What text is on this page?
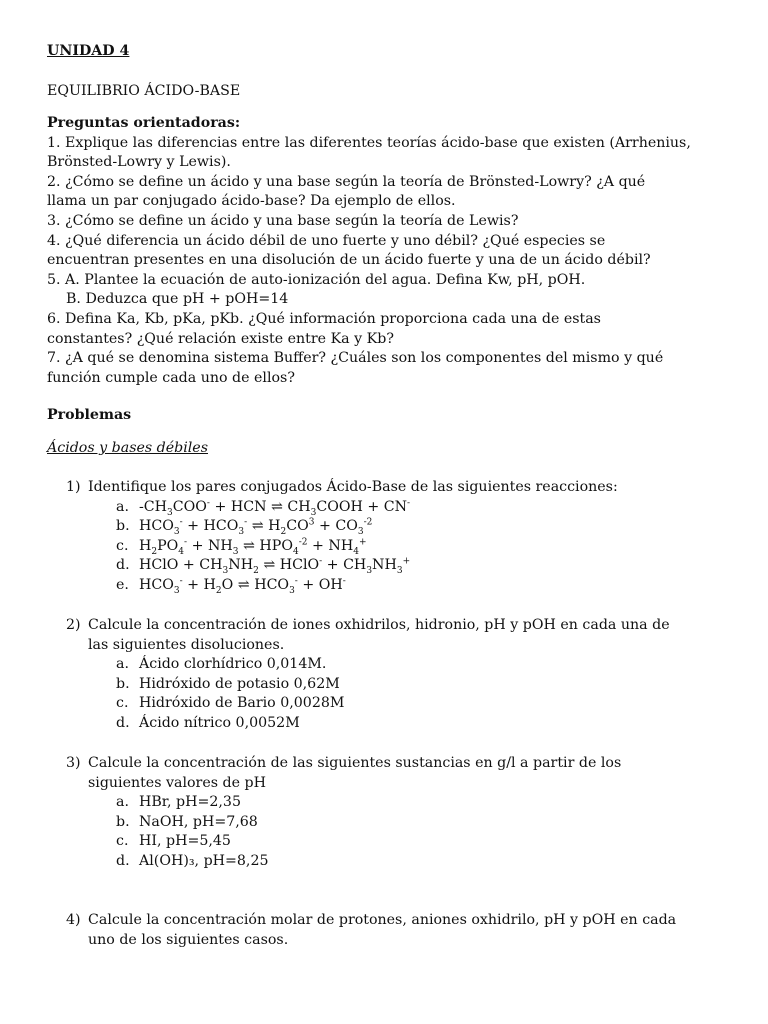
UNIDAD 4
EQUILIBRIO ÁCIDO-BASE
Preguntas orientadoras:
1. Explique las diferencias entre las diferentes teorías ácido-base que existen (Arrhenius,
Brönsted-Lowry y Lewis).
2. ¿Cómo se define un ácido y una base según la teoría de Brönsted-Lowry? ¿A qué
llama un par conjugado ácido-base? Da ejemplo de ellos.
3. ¿Cómo se define un ácido y una base según la teoría de Lewis?
4. ¿Qué diferencia un ácido débil de uno fuerte y uno débil? ¿Qué especies se
encuentran presentes en una disolución de un ácido fuerte y una de un ácido débil?
5. A. Plantee la ecuación de auto-ionización del agua. Defina Kw, pH, pOH.
B. Deduzca que pH + pOH=14
6. Defina Ka, Kb, pKa, pKb. ¿Qué información proporciona cada una de estas
constantes? ¿Qué relación existe entre Ka y Kb?
7. ¿A qué se denomina sistema Buffer? ¿Cuáles son los componentes del mismo y qué
función cumple cada uno de ellos?
Problemas
Ácidos y bases débiles
1) Identifique los pares conjugados Ácido-Base de las siguientes reacciones:
a. $-CH_3COO^-$ + HCN ⇌ $CH_3COOH + CN^-$
b. $HCO_3^- + HCO_3^-$ ⇌ $H_2CO^3 + CO_3^{-2}$
c. $H_2PO_4^- + NH_3$ ⇌ $HPO_4^{-2} + NH_4^+$
d. HClO + $CH_3NH_2$ ⇌ HClO- + $CH_3NH_3^+$
e. $HCO_3^- + H_2O$ ⇌ $HCO_3^- + OH^-$
2) Calcule la concentración de iones oxhidrilos, hidronio, pH y pOH en cada una de
las siguientes disoluciones.
a. Ácido clorhídrico 0,014M.
b. Hidróxido de potasio 0,62M
c. Hidróxido de Bario 0,0028M
d. Ácido nítrico 0,0052M
3) Calcule la concentración de las siguientes sustancias en g/l a partir de los
siguientes valores de pH
a. HBr, pH=2,35
b. NaOH, pH=7,68
c. HI, pH=5,45
d. Al(OH)₃, pH=8,25
4) Calcule la concentración molar de protones, aniones oxhidrilo, pH y pOH en cada
uno de los siguientes casos.
